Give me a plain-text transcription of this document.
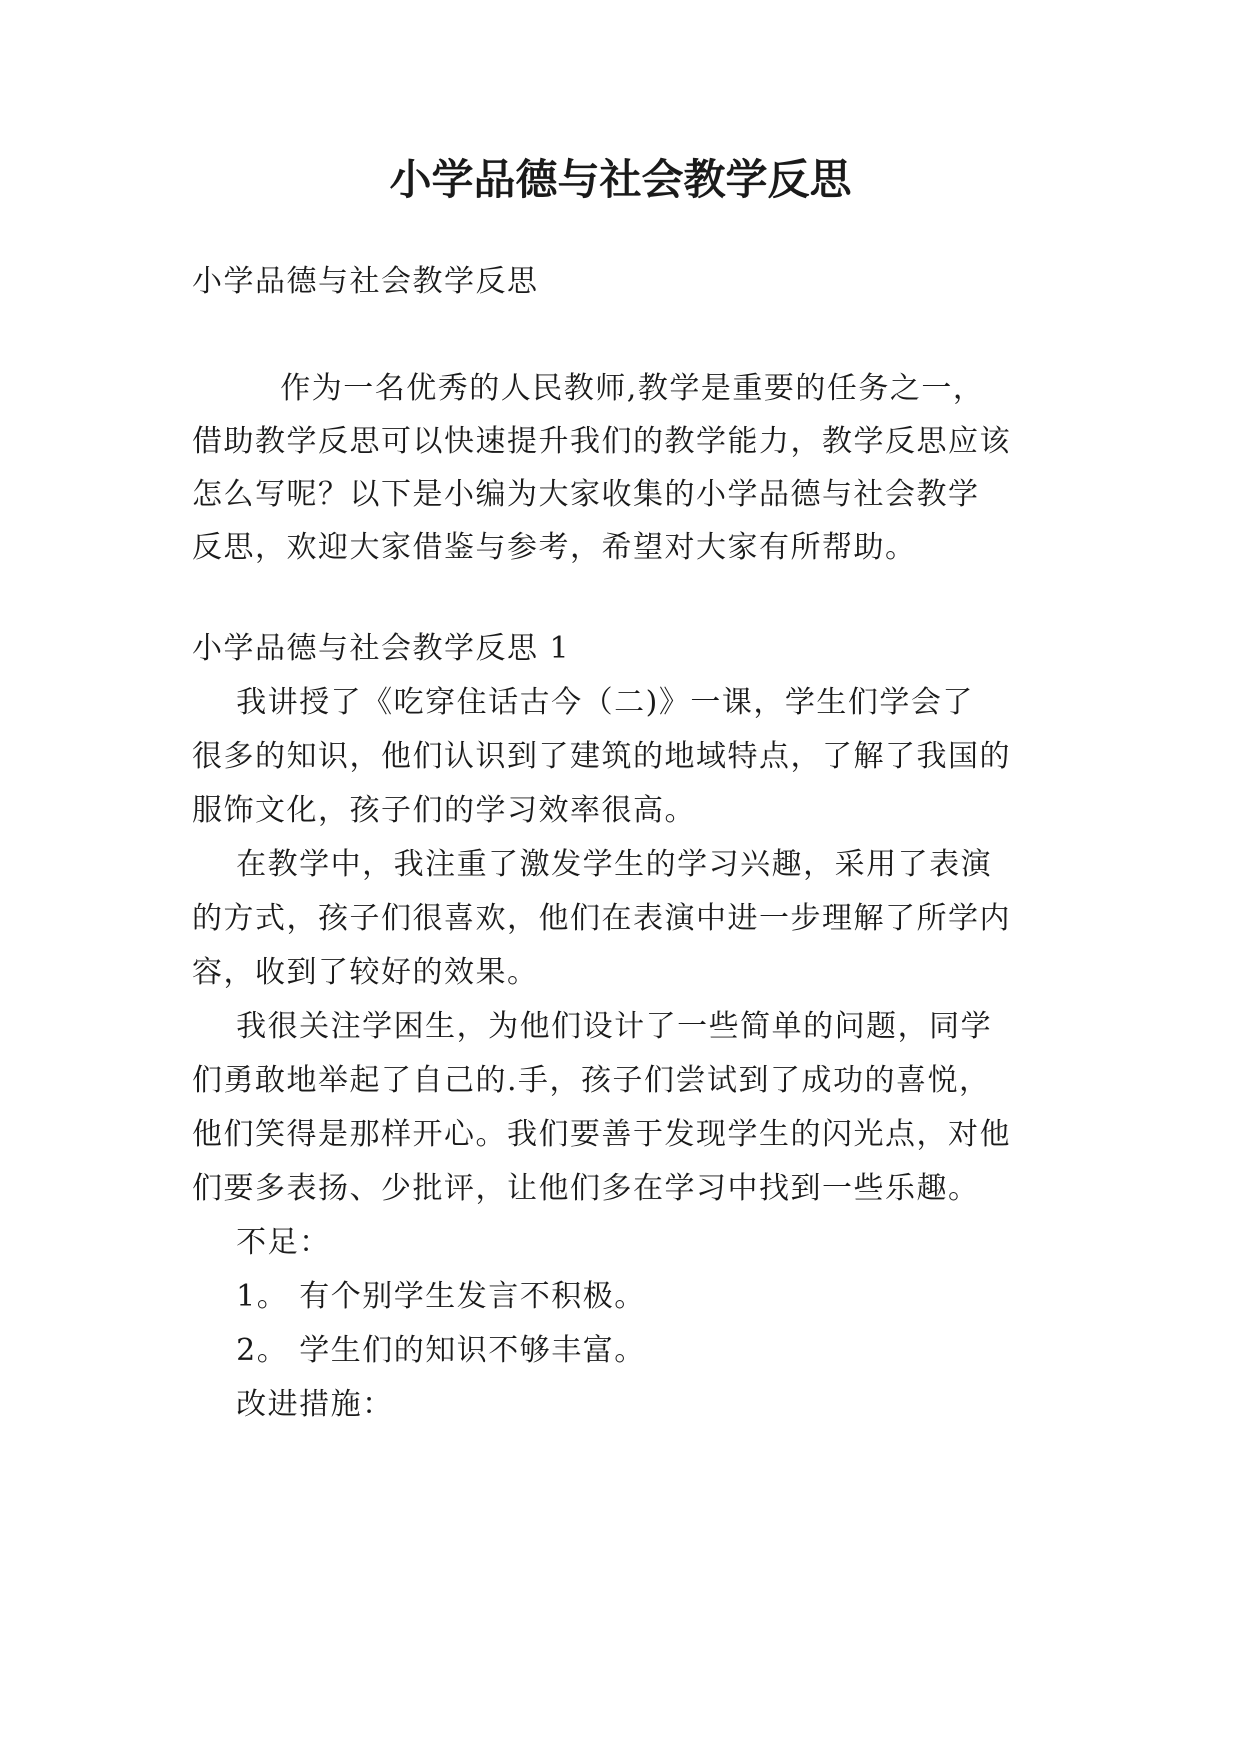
小学品德与社会教学反思

小学品德与社会教学反思

作为一名优秀的人民教师,教学是重要的任务之一，

借助教学反思可以快速提升我们的教学能力，教学反思应该

怎么写呢？以下是小编为大家收集的小学品德与社会教学

反思，欢迎大家借鉴与参考，希望对大家有所帮助。

小学品德与社会教学反思 1

我讲授了《吃穿住话古今（二)》一课，学生们学会了

很多的知识，他们认识到了建筑的地域特点，了解了我国的

服饰文化，孩子们的学习效率很高。

在教学中，我注重了激发学生的学习兴趣，采用了表演

的方式，孩子们很喜欢，他们在表演中进一步理解了所学内

容，收到了较好的效果。

我很关注学困生，为他们设计了一些简单的问题，同学

们勇敢地举起了自己的.手，孩子们尝试到了成功的喜悦，

他们笑得是那样开心。我们要善于发现学生的闪光点，对他

们要多表扬、少批评，让他们多在学习中找到一些乐趣。

不足：

1。 有个别学生发言不积极。

2。 学生们的知识不够丰富。

改进措施：
